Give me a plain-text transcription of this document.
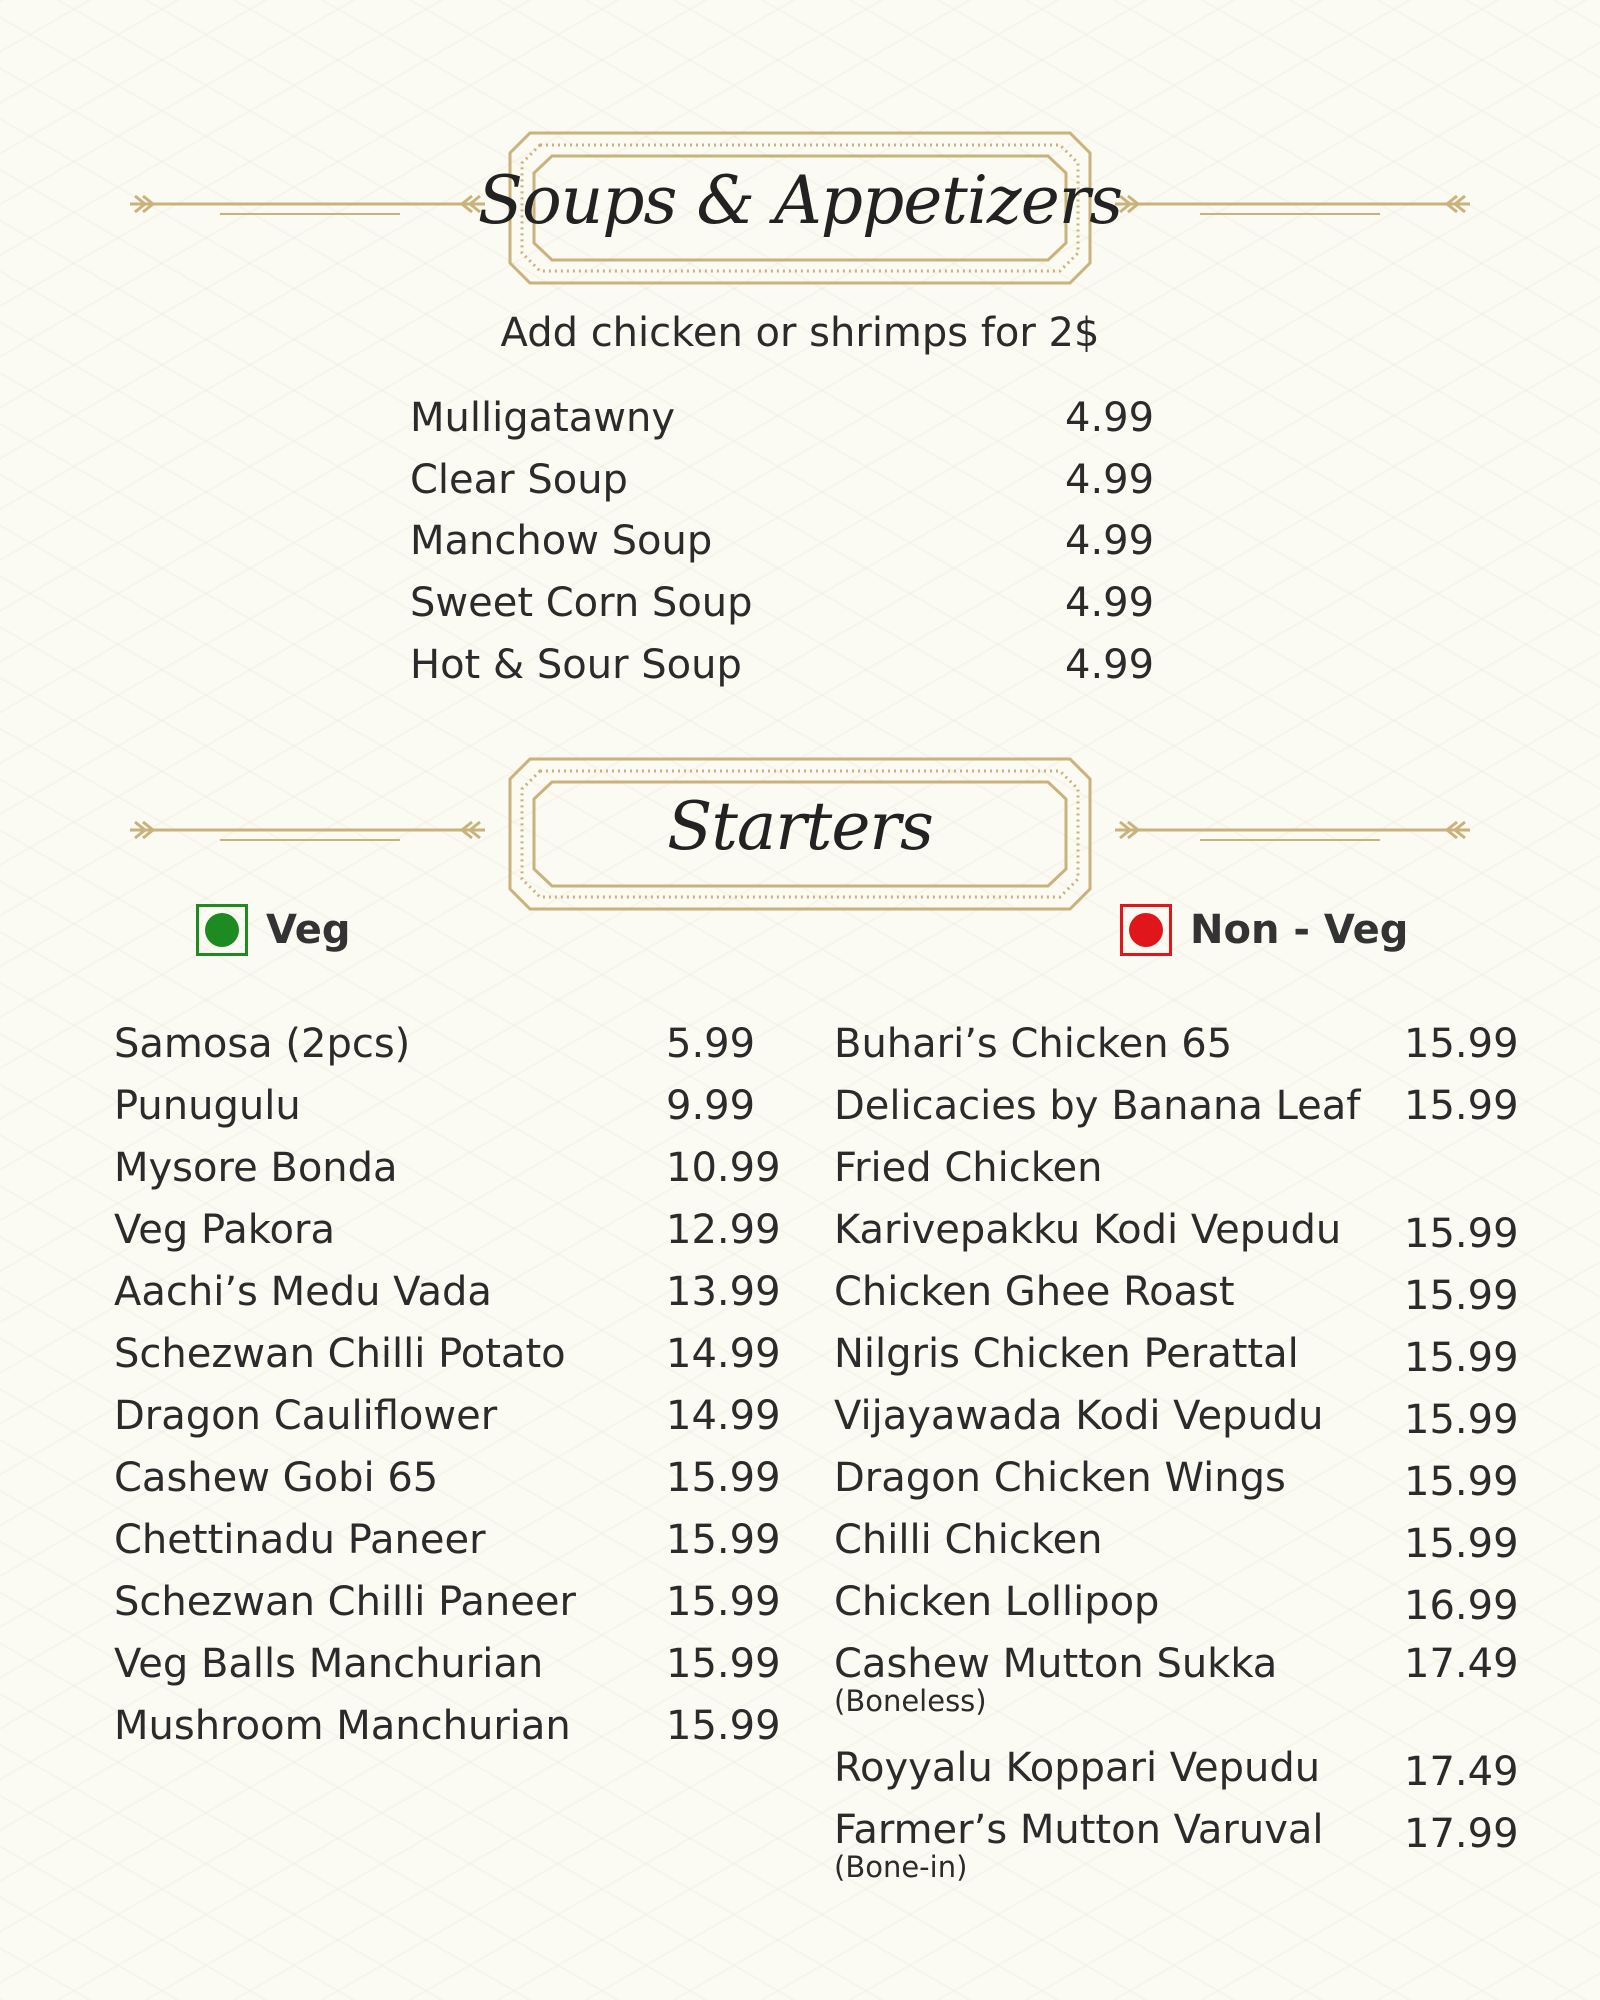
Soups & Appetizers
Add chicken or shrimps for 2$
Mulligatawny	4.99
Clear Soup	4.99
Manchow Soup	4.99
Sweet Corn Soup	4.99
Hot & Sour Soup	4.99
Starters
Veg	Non - Veg
Samosa (2pcs)	5.99
Punugulu	9.99
Mysore Bonda	10.99
Veg Pakora	12.99
Aachi’s Medu Vada	13.99
Schezwan Chilli Potato	14.99
Dragon Cauliflower	14.99
Cashew Gobi 65	15.99
Chettinadu Paneer	15.99
Schezwan Chilli Paneer 15.99
Veg Balls Manchurian	15.99
Mushroom Manchurian 15.99
Buhari’s Chicken 65	15.99
Delicacies by Banana Leaf 15.99
Fried Chicken
Karivepakku Kodi Vepudu 15.99
Chicken Ghee Roast	15.99
Nilgris Chicken Perattal	15.99
Vijayawada Kodi Vepudu 15.99
Dragon Chicken Wings	15.99
Chilli Chicken	15.99
Chicken Lollipop	16.99
Cashew Mutton Sukka	17.49
(Boneless)
Royyalu Koppari Vepudu 17.49
Farmer’s Mutton Varuval 17.99
(Bone-in)
